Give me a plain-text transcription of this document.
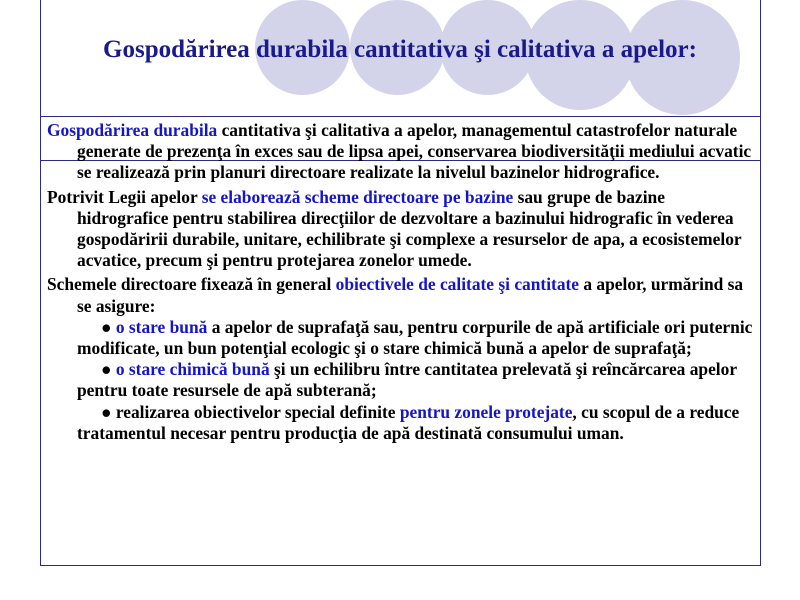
Gospodărirea durabila cantitativa şi calitativa a apelor:

Gospodărirea durabila cantitativa şi calitativa a apelor, managementul catastrofelor naturale generate de prezenţa în exces sau de lipsa apei, conservarea biodiversităţii mediului acvatic se realizează prin planuri directoare realizate la nivelul bazinelor hidrografice.

Potrivit Legii apelor se elaborează scheme directoare pe bazine sau grupe de bazine hidrografice pentru stabilirea direcţiilor de dezvoltare a bazinului hidrografic în vederea gospodăririi durabile, unitare, echilibrate şi complexe a resurselor de apa, a ecosistemelor acvatice, precum şi pentru protejarea zonelor umede.

Schemele directoare fixează în general obiectivele de calitate şi cantitate a apelor, urmărind sa se asigure:
● o stare bună a apelor de suprafaţă sau, pentru corpurile de apă artificiale ori puternic modificate, un bun potenţial ecologic şi o stare chimică bună a apelor de suprafaţă;
● o stare chimică bună şi un echilibru între cantitatea prelevată şi reîncărcarea apelor pentru toate resursele de apă subterană;
● realizarea obiectivelor special definite pentru zonele protejate, cu scopul de a reduce tratamentul necesar pentru producţia de apă destinată consumului uman.
